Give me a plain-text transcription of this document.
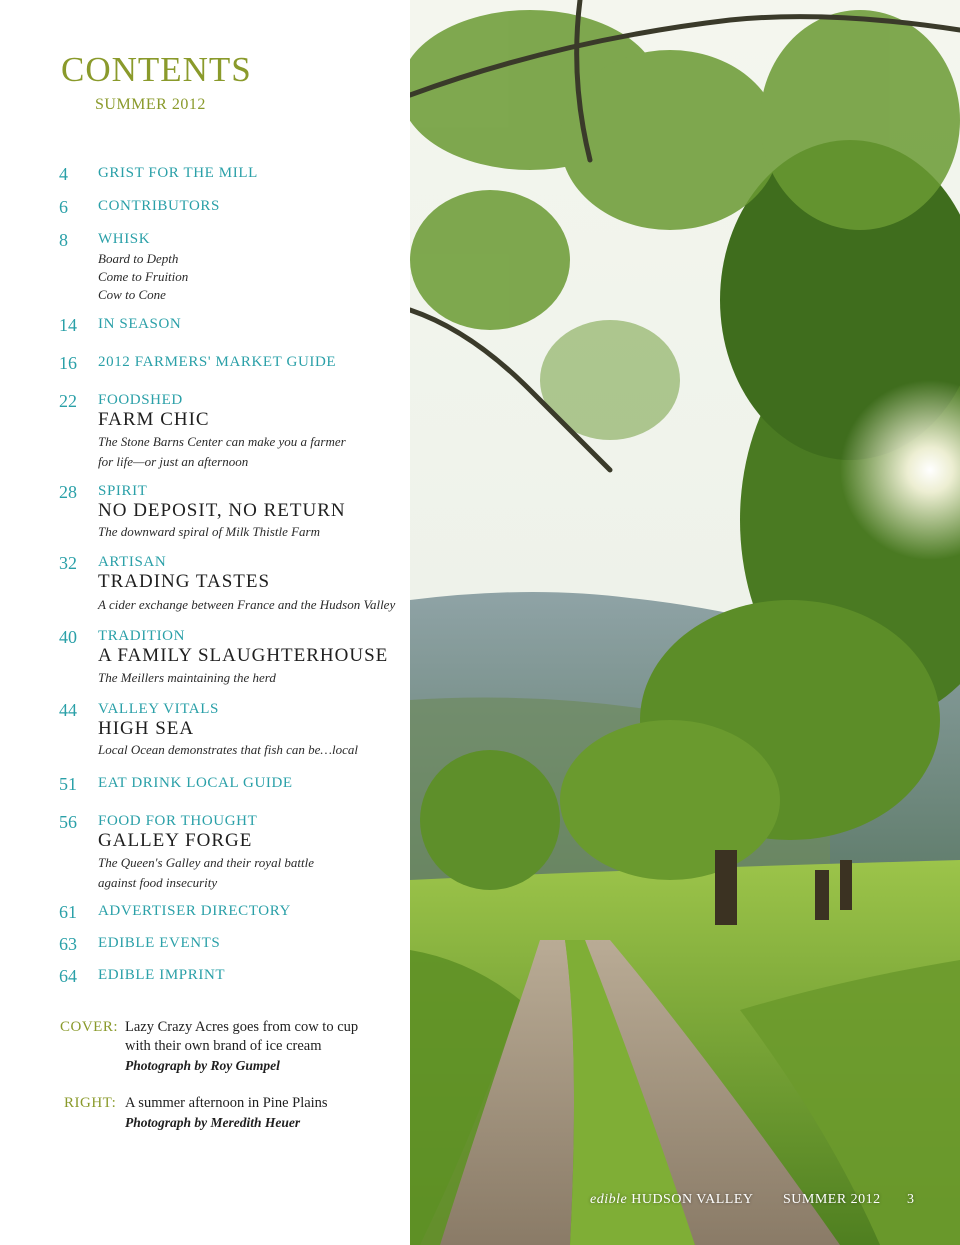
CONTENTS
SUMMER 2012
4 GRIST FOR THE MILL
6 CONTRIBUTORS
8 WHISK
Board to Depth
Come to Fruition
Cow to Cone
14 IN SEASON
16 2012 FARMERS' MARKET GUIDE
22 FOODSHED
FARM CHIC
The Stone Barns Center can make you a farmer
for life—or just an afternoon
28 SPIRIT
NO DEPOSIT, NO RETURN
The downward spiral of Milk Thistle Farm
32 ARTISAN
TRADING TASTES
A cider exchange between France and the Hudson Valley
40 TRADITION
A FAMILY SLAUGHTERHOUSE
The Meillers maintaining the herd
44 VALLEY VITALS
HIGH SEA
Local Ocean demonstrates that fish can be…local
51 EAT DRINK LOCAL GUIDE
56 FOOD FOR THOUGHT
GALLEY FORGE
The Queen's Galley and their royal battle
against food insecurity
61 ADVERTISER DIRECTORY
63 EDIBLE EVENTS
64 EDIBLE IMPRINT
COVER: Lazy Crazy Acres goes from cow to cup
with their own brand of ice cream
Photograph by Roy Gumpel
RIGHT: A summer afternoon in Pine Plains
Photograph by Meredith Heuer
edible HUDSON VALLEY SUMMER 2012 3
